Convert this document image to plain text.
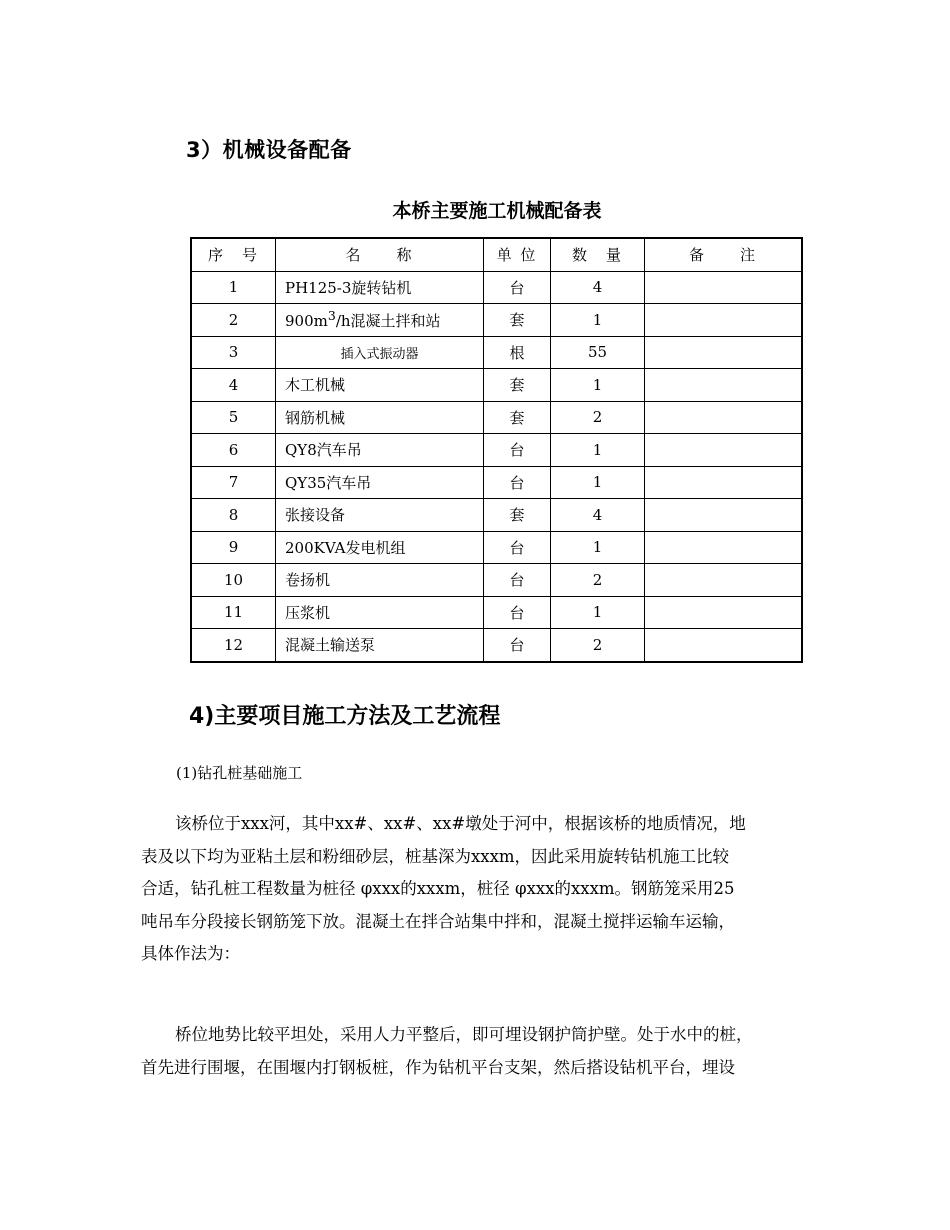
3）机械设备配备
本桥主要施工机械配备表
序　号	名　　称	单 位	数　量	备　　注
1	PH125-3旋转钻机	台	4	
2	$900m^3/h$混凝土拌和站	套	1	
3	插入式振动器	根	55	
4	木工机械	套	1	
5	钢筋机械	套	2	
6	QY8汽车吊	台	1	
7	QY35汽车吊	台	1	
8	张接设备	套	4	
9	200KVA发电机组	台	1	
10	卷扬机	台	2	
11	压浆机	台	1	
12	混凝土输送泵	台	2	
4)主要项目施工方法及工艺流程
(1)钻孔桩基础施工
该桥位于xxx河，其中xx#、xx#、xx#墩处于河中，根据该桥的地质情况，地
表及以下均为亚粘土层和粉细砂层，桩基深为xxxm，因此采用旋转钻机施工比较
合适，钻孔桩工程数量为桩径 φxxx的xxxm，桩径 φxxx的xxxm。钢筋笼采用25
吨吊车分段接长钢筋笼下放。混凝土在拌合站集中拌和，混凝土搅拌运输车运输，
具体作法为：
桥位地势比较平坦处，采用人力平整后，即可埋设钢护筒护壁。处于水中的桩，
首先进行围堰，在围堰内打钢板桩，作为钻机平台支架，然后搭设钻机平台，埋设
